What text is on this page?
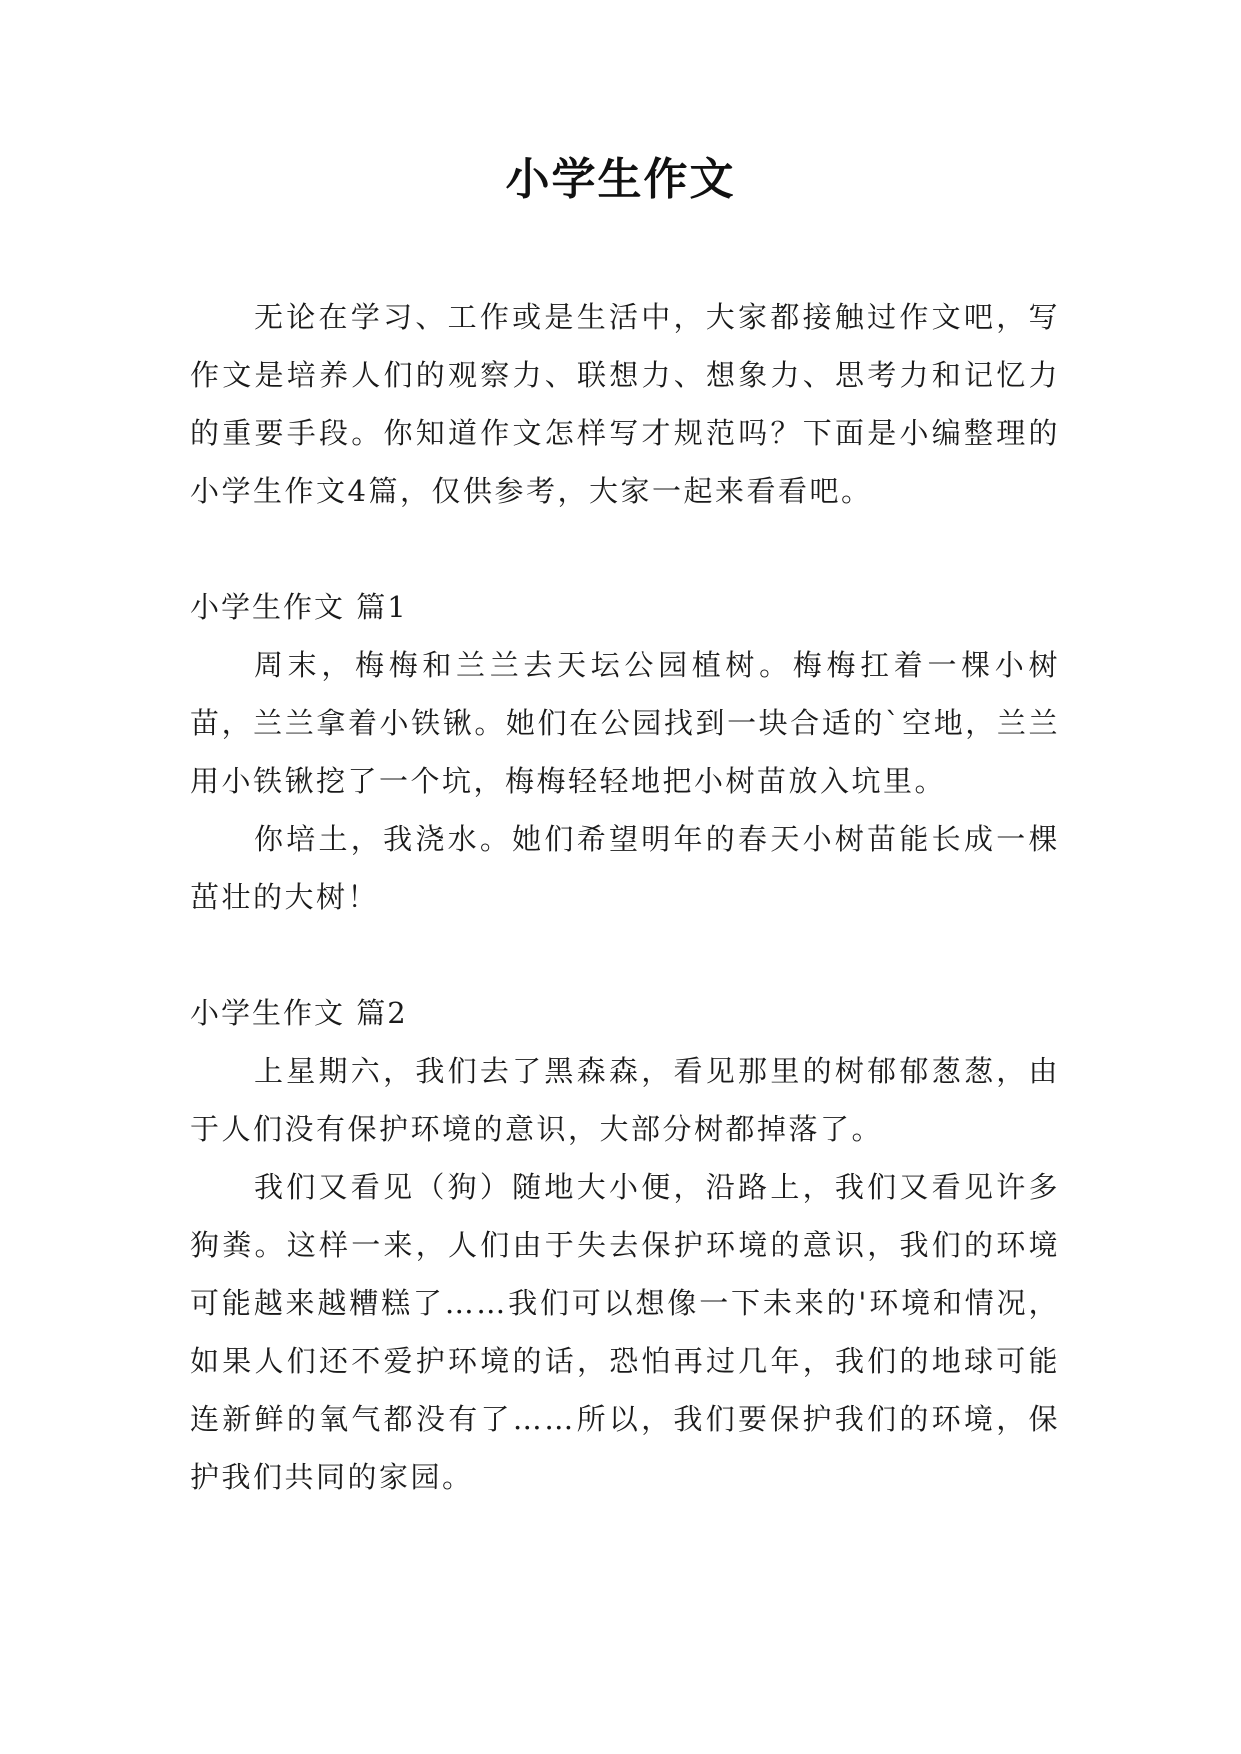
小学生作文

无论在学习、工作或是生活中，大家都接触过作文吧，写作文是培养人们的观察力、联想力、想象力、思考力和记忆力的重要手段。你知道作文怎样写才规范吗？下面是小编整理的小学生作文4篇，仅供参考，大家一起来看看吧。

小学生作文 篇1

周末，梅梅和兰兰去天坛公园植树。梅梅扛着一棵小树苗，兰兰拿着小铁锹。她们在公园找到一块合适的`空地，兰兰用小铁锹挖了一个坑，梅梅轻轻地把小树苗放入坑里。

你培土，我浇水。她们希望明年的春天小树苗能长成一棵茁壮的大树！

小学生作文 篇2

上星期六，我们去了黑森森，看见那里的树郁郁葱葱，由于人们没有保护环境的意识，大部分树都掉落了。

我们又看见（狗）随地大小便，沿路上，我们又看见许多狗粪。这样一来，人们由于失去保护环境的意识，我们的环境可能越来越糟糕了……我们可以想像一下未来的'环境和情况，如果人们还不爱护环境的话，恐怕再过几年，我们的地球可能连新鲜的氧气都没有了……所以，我们要保护我们的环境，保护我们共同的家园。
